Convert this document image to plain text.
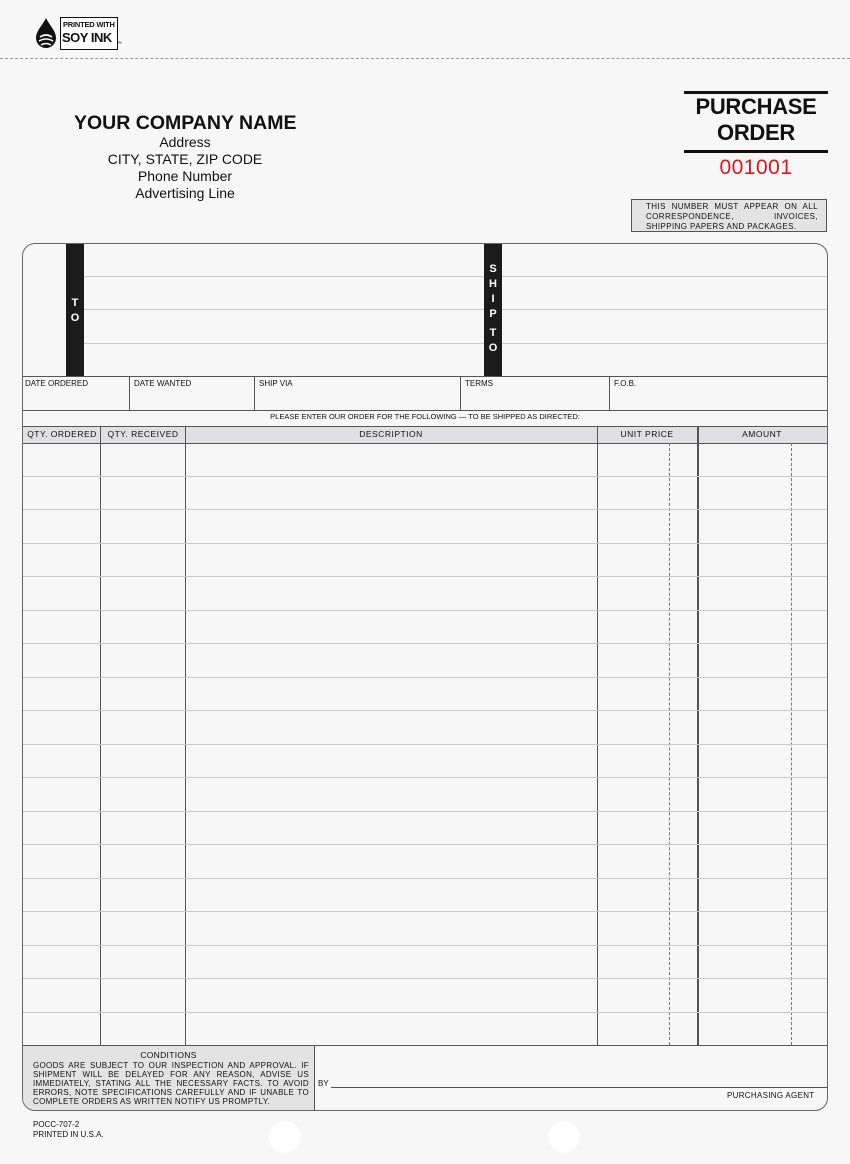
PRINTED WITH
SOY INK ™
YOUR COMPANY NAME
Address
CITY, STATE, ZIP CODE
Phone Number
Advertising Line
PURCHASE
ORDER
001001
THIS NUMBER MUST APPEAR ON ALL CORRESPONDENCE, INVOICES, SHIPPING PAPERS AND PACKAGES.
T
O
S
H
I
P
T
O
DATE ORDERED	DATE WANTED	SHIP VIA	TERMS	F.O.B.
PLEASE ENTER OUR ORDER FOR THE FOLLOWING — TO BE SHIPPED AS DIRECTED:
QTY. ORDERED	QTY. RECEIVED	DESCRIPTION	UNIT PRICE	AMOUNT
CONDITIONS
GOODS ARE SUBJECT TO OUR INSPECTION AND APPROVAL. IF SHIPMENT WILL BE DELAYED FOR ANY REASON, ADVISE US IMMEDIATELY, STATING ALL THE NECESSARY FACTS. TO AVOID ERRORS, NOTE SPECIFICATIONS CAREFULLY AND IF UNABLE TO COMPLETE ORDERS AS WRITTEN NOTIFY US PROMPTLY.
BY
PURCHASING AGENT
POCC-707-2
PRINTED IN U.S.A.
